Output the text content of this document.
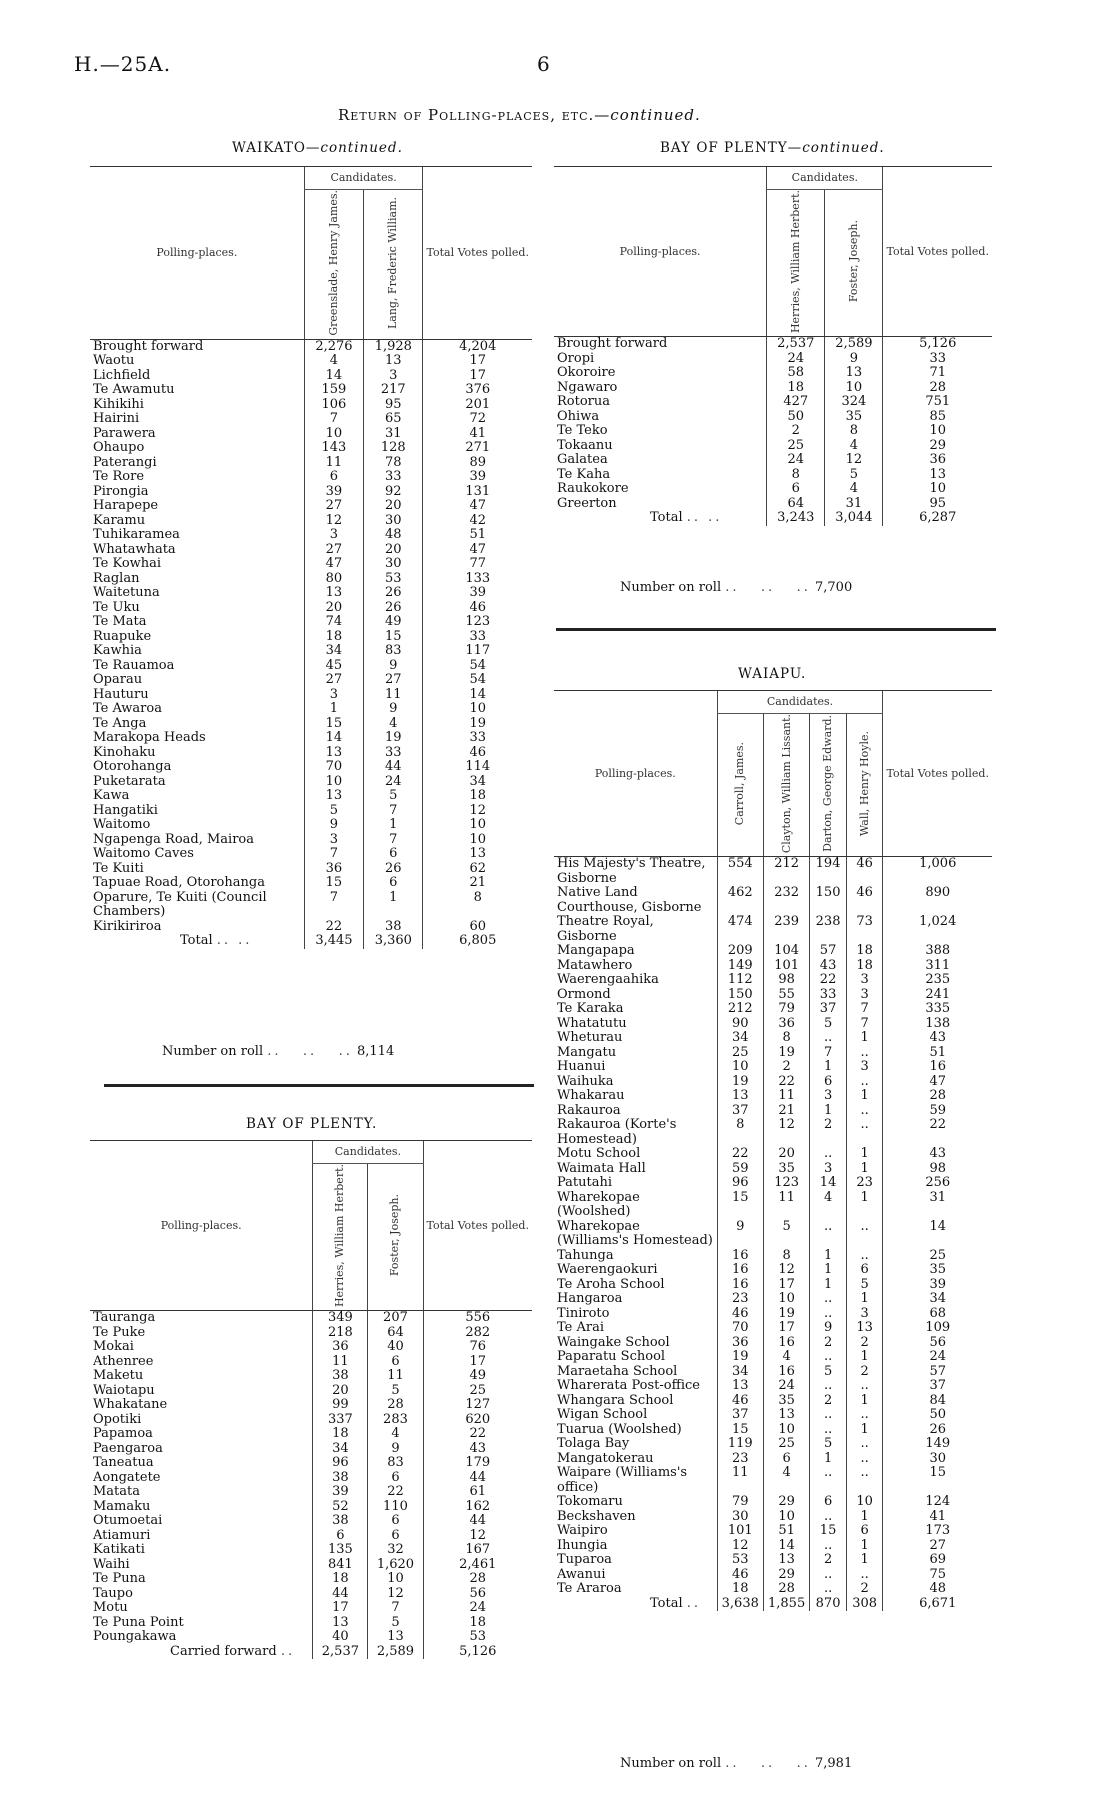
H.—25A.	6
Return of Polling-places, etc.—continued.
WAIKATO—continued.
Polling-places.	Candidates.		Total Votes polled.
	Greenslade, Henry James.	Lang, Frederic William.	
Brought forward	2,276	1,928	4,204
Waotu	4	13	17
Lichfield	14	3	17
Te Awamutu	159	217	376
Kihikihi	106	95	201
Hairini	7	65	72
Parawera	10	31	41
Ohaupo	143	128	271
Paterangi	11	78	89
Te Rore	6	33	39
Pirongia	39	92	131
Harapepe	27	20	47
Karamu	12	30	42
Tuhikaramea	3	48	51
Whatawhata	27	20	47
Te Kowhai	47	30	77
Raglan	80	53	133
Waitetuna	13	26	39
Te Uku	20	26	46
Te Mata	74	49	123
Ruapuke	18	15	33
Kawhia	34	83	117
Te Rauamoa	45	9	54
Oparau	27	27	54
Hauturu	3	11	14
Te Awaroa	1	9	10
Te Anga	15	4	19
Marakopa Heads	14	19	33
Kinohaku	13	33	46
Otorohanga	70	44	114
Puketarata	10	24	34
Kawa	13	5	18
Hangatiki	5	7	12
Waitomo	9	1	10
Ngapenga Road, Mairoa	3	7	10
Waitomo Caves	7	6	13
Te Kuiti	36	26	62
Tapuae Road, Otorohanga	15	6	21
Oparure, Te Kuiti (Council Chambers)	7	1	8
Kirikiriroa	22	38	60
Total .. ..	3,445	3,360	6,805
Number on roll ..   ..   .. 8,114
BAY OF PLENTY.
Polling-places.	Candidates.		Total Votes polled.
	Herries, William Herbert.	Foster, Joseph.	
Tauranga	349	207	556
Te Puke	218	64	282
Mokai	36	40	76
Athenree	11	6	17
Maketu	38	11	49
Waiotapu	20	5	25
Whakatane	99	28	127
Opotiki	337	283	620
Papamoa	18	4	22
Paengaroa	34	9	43
Taneatua	96	83	179
Aongatete	38	6	44
Matata	39	22	61
Mamaku	52	110	162
Otumoetai	38	6	44
Atiamuri	6	6	12
Katikati	135	32	167
Waihi	841	1,620	2,461
Te Puna	18	10	28
Taupo	44	12	56
Motu	17	7	24
Te Puna Point	13	5	18
Poungakawa	40	13	53
Carried forward ..	2,537	2,589	5,126
BAY OF PLENTY—continued.
Polling-places.	Candidates.		Total Votes polled.
	Herries, William Herbert.	Foster, Joseph.	
Brought forward	2,537	2,589	5,126
Oropi	24	9	33
Okoroire	58	13	71
Ngawaro	18	10	28
Rotorua	427	324	751
Ohiwa	50	35	85
Te Teko	2	8	10
Tokaanu	25	4	29
Galatea	24	12	36
Te Kaha	8	5	13
Raukokore	6	4	10
Greerton	64	31	95
Total .. ..	3,243	3,044	6,287
Number on roll ..   ..   .. 7,700
WAIAPU.
Polling-places.	Candidates.				Total Votes polled.
	Carroll, James.	Clayton, William Lissant.	Darton, George Edward.	Wall, Henry Hoyle.	
His Majesty's Theatre, Gisborne	554	212	194	46	1,006
Native Land Courthouse, Gisborne	462	232	150	46	890
Theatre Royal, Gisborne	474	239	238	73	1,024
Mangapapa	209	104	57	18	388
Matawhero	149	101	43	18	311
Waerengaahika	112	98	22	3	235
Ormond	150	55	33	3	241
Te Karaka	212	79	37	7	335
Whatatutu	90	36	5	7	138
Wheturau	34	8	..	1	43
Mangatu	25	19	7	..	51
Huanui	10	2	1	3	16
Waihuka	19	22	6	..	47
Whakarau	13	11	3	1	28
Rakauroa	37	21	1	..	59
Rakauroa (Korte's Homestead)	8	12	2	..	22
Motu School	22	20	..	1	43
Waimata Hall	59	35	3	1	98
Patutahi	96	123	14	23	256
Wharekopae (Woolshed)	15	11	4	1	31
Wharekopae (Williams's Homestead)	9	5	..	..	14
Tahunga	16	8	1	..	25
Waerengaokuri	16	12	1	6	35
Te Aroha School	16	17	1	5	39
Hangaroa	23	10	..	1	34
Tiniroto	46	19	..	3	68
Te Arai	70	17	9	13	109
Waingake School	36	16	2	2	56
Paparatu School	19	4	..	1	24
Maraetaha School	34	16	5	2	57
Wharerata Post-office	13	24	..	..	37
Whangara School	46	35	2	1	84
Wigan School	37	13	..	..	50
Tuarua (Woolshed)	15	10	..	1	26
Tolaga Bay	119	25	5	..	149
Mangatokerau	23	6	1	..	30
Waipare (Williams's office)	11	4	..	..	15
Tokomaru	79	29	6	10	124
Beckshaven	30	10	..	1	41
Waipiro	101	51	15	6	173
Ihungia	12	14	..	1	27
Tuparoa	53	13	2	1	69
Awanui	46	29	..	..	75
Te Araroa	18	28	..	2	48
Total ..	3,638	1,855	870	308	6,671
Number on roll ..   ..   .. 7,981
